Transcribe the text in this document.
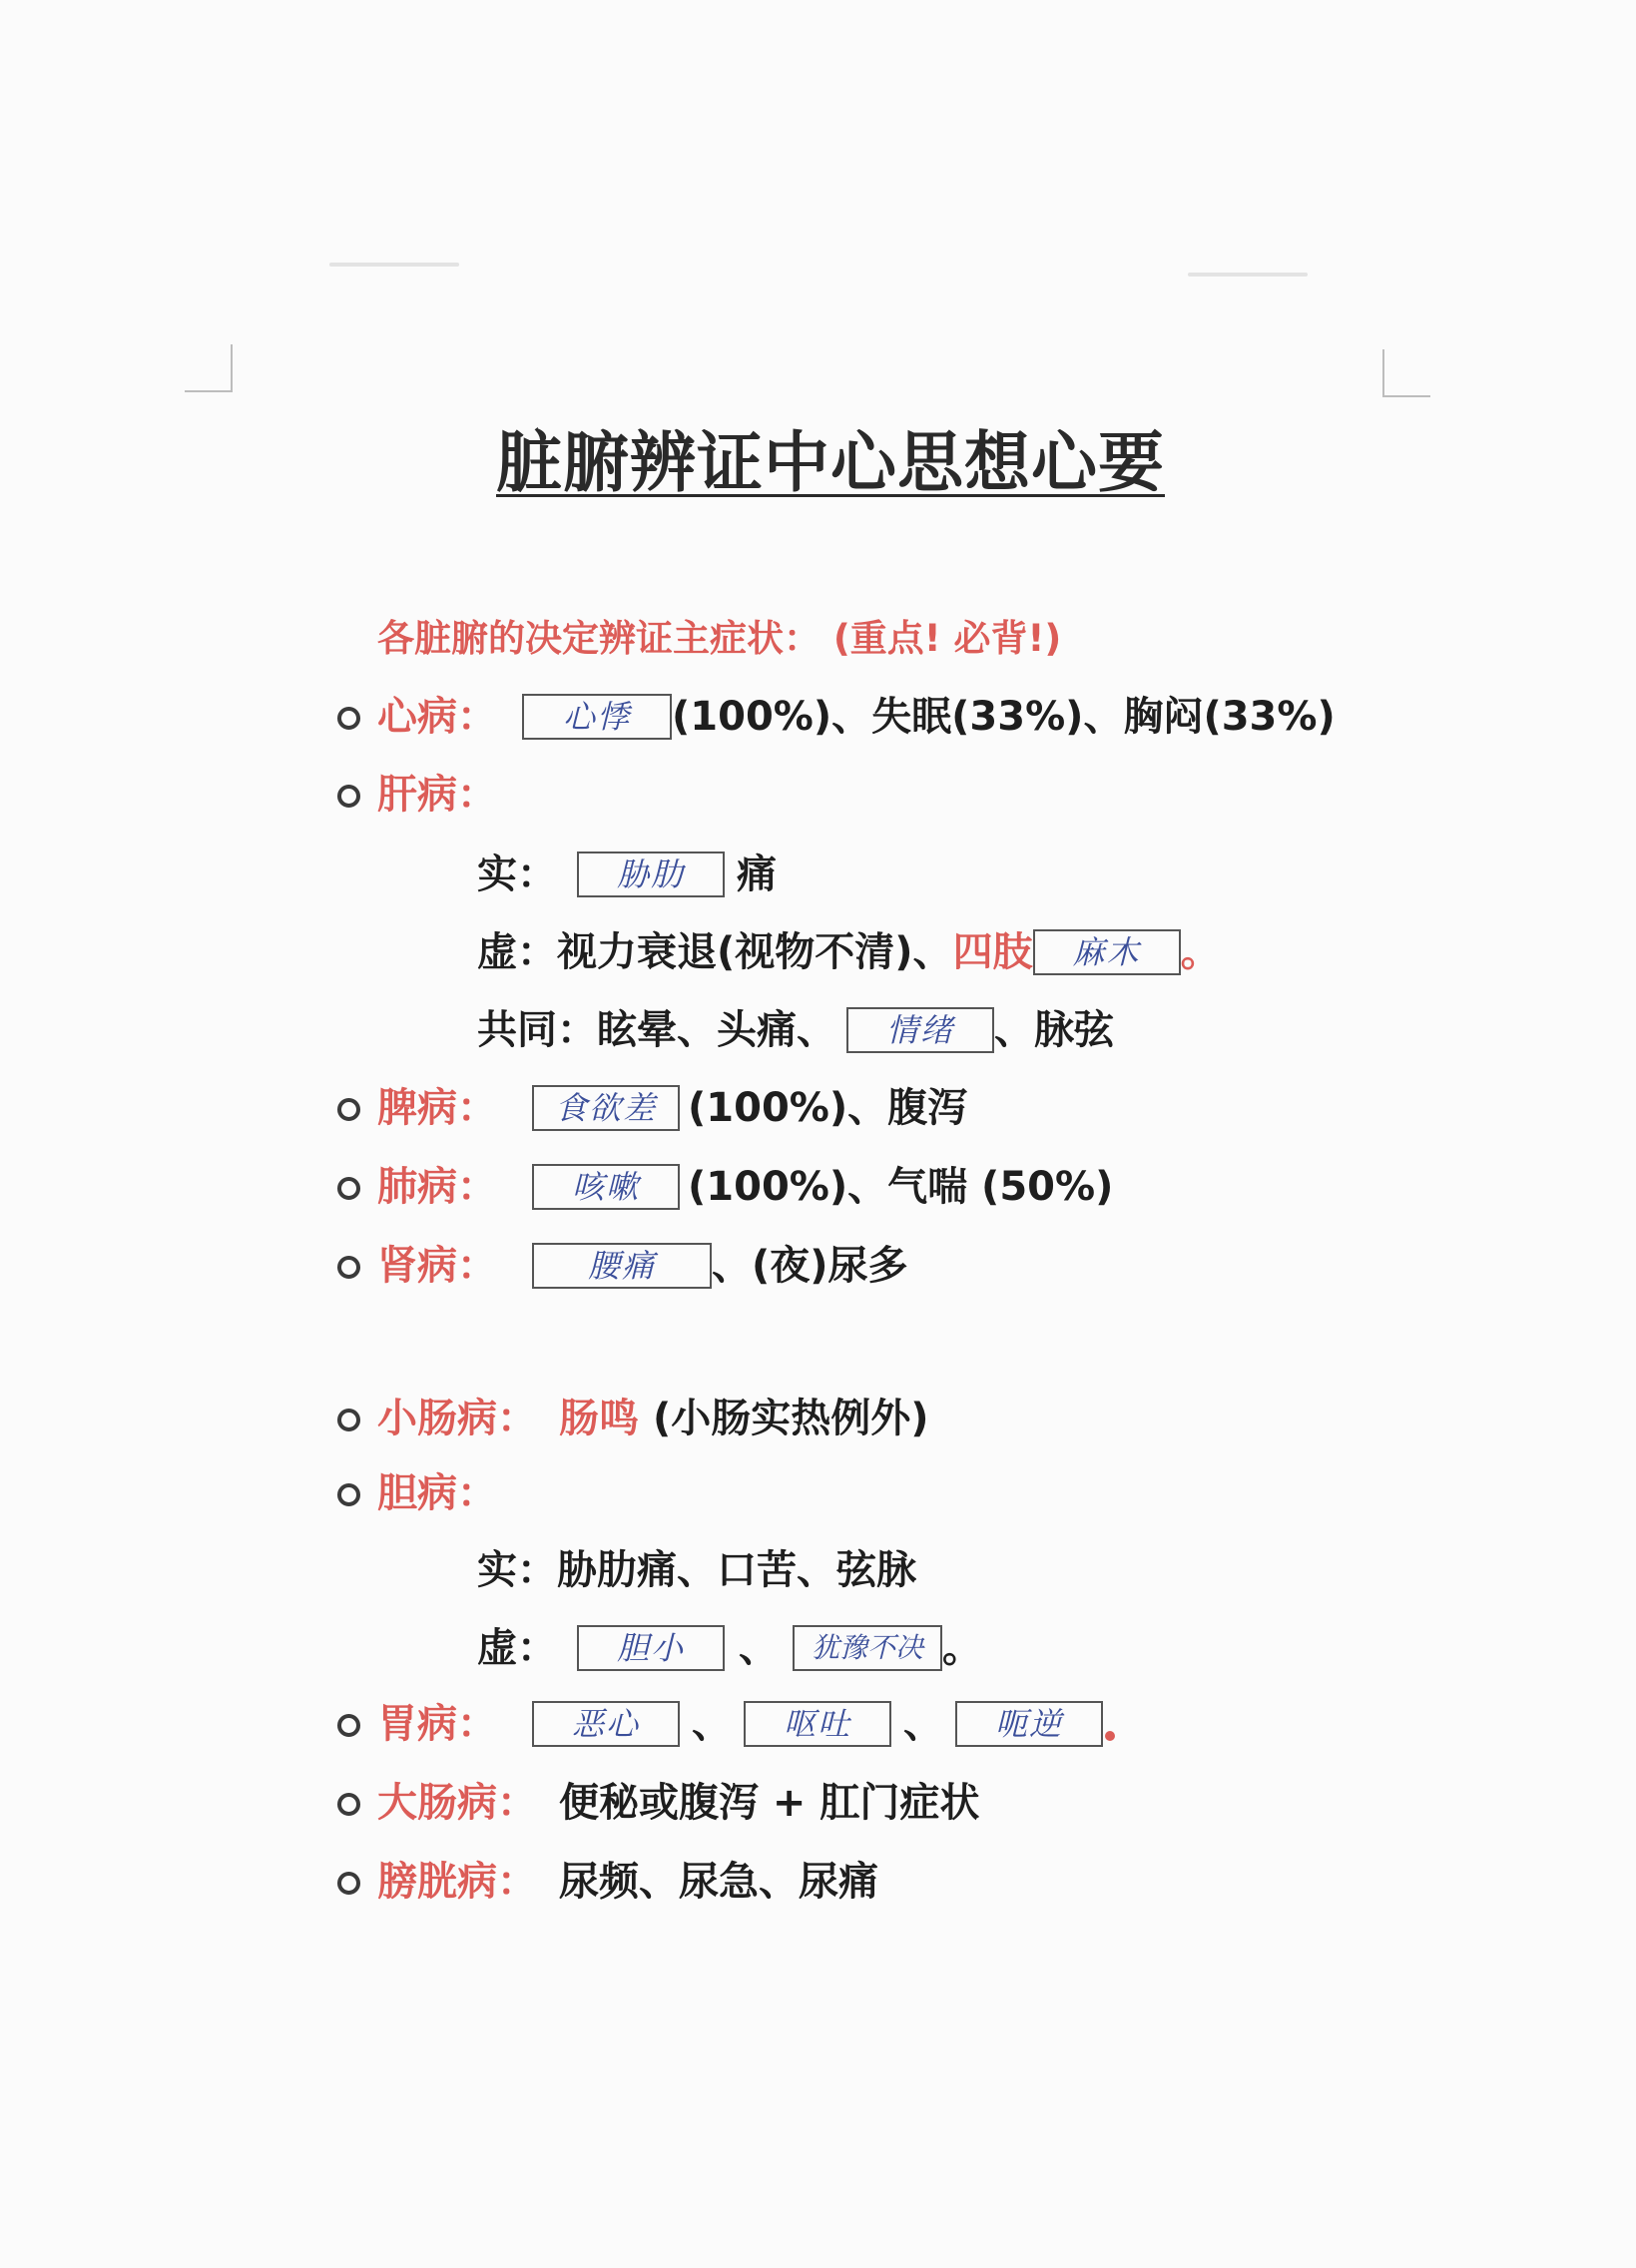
脏腑辨证中心思想心要
各脏腑的决定辨证主症状： (重点! 必背!)
心病：	心悸	(100%)、失眠(33%)、胸闷(33%)
肝病：
实：	胁肋	痛
虚： 视力衰退(视物不清)、 四肢	麻木	。
共同： 眩晕、头痛、	情绪	、脉弦
脾病：	食欲差 (100%)、腹泻
肺病：	咳嗽	(100%)、气喘 (50%)
肾病：	腰痛	、(夜)尿多
小肠病： 肠鸣 (小肠实热例外)
胆病：
实： 胁肋痛、口苦、弦脉
虚：	胆小	、	犹豫不决 。
胃病：	恶心	、	呕吐	、	呃逆
大肠病： 便秘或腹泻 + 肛门症状
膀胱病： 尿频、尿急、尿痛
